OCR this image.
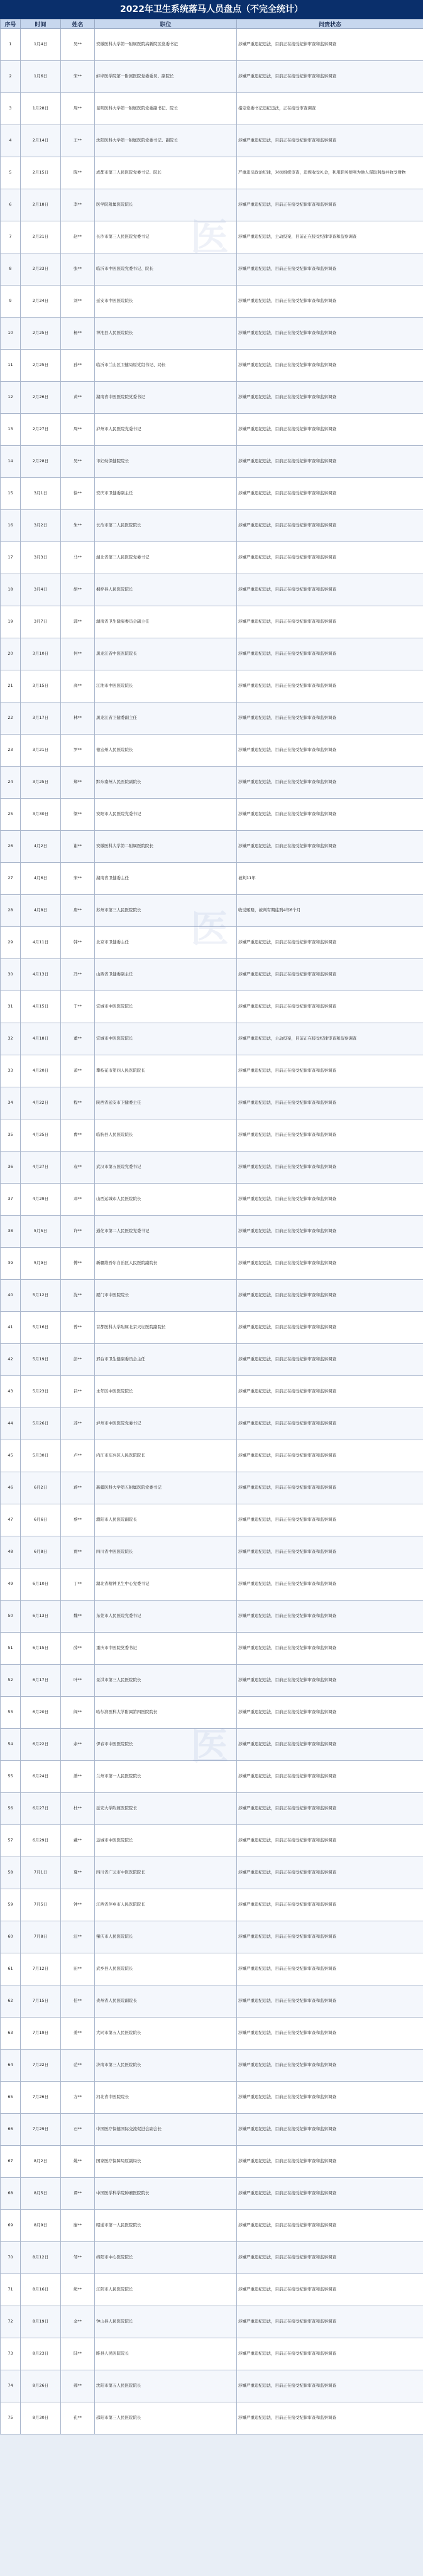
2022年卫生系统落马人员盘点（不完全统计）
序号	时间	姓名	职位	问责状态
1	1月4日	吴**	安徽医科大学第一附属医院高新院区党委书记	涉嫌严重违纪违法，目前正在接受纪律审查和监察调查
2	1月6日	宋**	蚌埠医学院第一附属医院党委委员、副院长	涉嫌严重违纪违法，目前正在接受纪律审查和监察调查
3	1月28日	周**	昆明医科大学第一附属医院党委副书记、院长	指定党委书记违纪违法，正在接受审查调查
4	2月14日	王**	沈阳医科大学第一附属医院党委书记、副院长	涉嫌严重违纪违法，目前正在接受纪律审查和监察调查
5	2月15日	陈**	成都市第三人民医院党委书记、院长	严重违反政治纪律，对抗组织审查，违规收受礼金，利用职务便利为他人谋取利益并收受财物
6	2月18日	李**	医学院附属医院院长	涉嫌严重违纪违法，目前正在接受纪律审查和监察调查
7	2月21日	赵**	长沙市第三人民医院党委书记	涉嫌严重违纪违法，主动投案，目前正在接受纪律审查和监察调查
8	2月23日	张**	临沂市中医医院党委书记、院长	涉嫌严重违纪违法，目前正在接受纪律审查和监察调查
9	2月24日	刘**	延安市中医医院院长	涉嫌严重违纪违法，目前正在接受纪律审查和监察调查
10	2月25日	杨**	神池县人民医院院长	涉嫌严重违纪违法，目前正在接受纪律审查和监察调查
11	2月25日	孙**	临沂市兰山区卫健局原党组书记、局长	涉嫌严重违纪违法，目前正在接受纪律审查和监察调查
12	2月26日	黄**	湖南省中医医院院党委书记	涉嫌严重违纪违法，目前正在接受纪律审查和监察调查
13	2月27日	周**	泸州市人民医院党委书记	涉嫌严重违纪违法，目前正在接受纪律审查和监察调查
14	2月28日	吴**	市妇幼保健院院长	涉嫌严重违纪违法，目前正在接受纪律审查和监察调查
15	3月1日	徐**	安庆市卫健委副主任	涉嫌严重违纪违法，目前正在接受纪律审查和监察调查
16	3月2日	朱**	长治市第二人民医院院长	涉嫌严重违纪违法，目前正在接受纪律审查和监察调查
17	3月3日	马**	湖北省第三人民医院党委书记	涉嫌严重违纪违法，目前正在接受纪律审查和监察调查
18	3月4日	胡**	桐梓县人民医院院长	涉嫌严重违纪违法，目前正在接受纪律审查和监察调查
19	3月7日	郭**	湖南省卫生健康委员会副主任	涉嫌严重违纪违法，目前正在接受纪律审查和监察调查
20	3月10日	何**	黑龙江省中医医院院长	涉嫌严重违纪违法，目前正在接受纪律审查和监察调查
21	3月15日	高**	江油市中医医院院长	涉嫌严重违纪违法，目前正在接受纪律审查和监察调查
22	3月17日	林**	黑龙江省卫健委副主任	涉嫌严重违纪违法，目前正在接受纪律审查和监察调查
23	3月21日	罗**	德宏州人民医院院长	涉嫌严重违纪违法，目前正在接受纪律审查和监察调查
24	3月25日	郑**	黔东南州人民医院副院长	涉嫌严重违纪违法，目前正在接受纪律审查和监察调查
25	3月30日	梁**	安阳市人民医院党委书记	涉嫌严重违纪违法，目前正在接受纪律审查和监察调查
26	4月2日	谢**	安徽医科大学第二附属医院院长	涉嫌严重违纪违法，目前正在接受纪律审查和监察调查
27	4月6日	宋**	湖南省卫健委主任	被判11年
28	4月8日	唐**	苏州市第三人民医院院长	收受贿赂，被判有期徒刑4年6个月
29	4月11日	韩**	北京市卫健委主任	涉嫌严重违纪违法，目前正在接受纪律审查和监察调查
30	4月13日	冯**	山西省卫健委副主任	涉嫌严重违纪违法，目前正在接受纪律审查和监察调查
31	4月15日	于**	宜城市中医医院院长	涉嫌严重违纪违法，目前正在接受纪律审查和监察调查
32	4月18日	董**	宜城市中医医院院长	涉嫌严重违纪违法，主动投案，目前正在接受纪律审查和监察调查
33	4月20日	萧**	攀枝花市第四人民医院院长	涉嫌严重违纪违法，目前正在接受纪律审查和监察调查
34	4月22日	程**	陕西省延安市卫健委主任	涉嫌严重违纪违法，目前正在接受纪律审查和监察调查
35	4月25日	曹**	临朐县人民医院院长	涉嫌严重违纪违法，目前正在接受纪律审查和监察调查
36	4月27日	袁**	武汉市第五医院党委书记	涉嫌严重违纪违法，目前正在接受纪律审查和监察调查
37	4月29日	邓**	山西运城市人民医院院长	涉嫌严重违纪违法，目前正在接受纪律审查和监察调查
38	5月5日	许**	通化市第二人民医院党委书记	涉嫌严重违纪违法，目前正在接受纪律审查和监察调查
39	5月9日	傅**	新疆维吾尔自治区人民医院副院长	涉嫌严重违纪违法，目前正在接受纪律审查和监察调查
40	5月12日	沈**	厦门市中医院院长	涉嫌严重违纪违法，目前正在接受纪律审查和监察调查
41	5月16日	曾**	首都医科大学附属北京天坛医院副院长	涉嫌严重违纪违法，目前正在接受纪律审查和监察调查
42	5月19日	彭**	邢台市卫生健康委员会主任	涉嫌严重违纪违法，目前正在接受纪律审查和监察调查
43	5月23日	吕**	永年区中医医院院长	涉嫌严重违纪违法，目前正在接受纪律审查和监察调查
44	5月26日	苏**	泸州市中医医院党委书记	涉嫌严重违纪违法，目前正在接受纪律审查和监察调查
45	5月30日	卢**	内江市东兴区人民医院院长	涉嫌严重违纪违法，目前正在接受纪律审查和监察调查
46	6月2日	蒋**	新疆医科大学第五附属医院党委书记	涉嫌严重违纪违法，目前正在接受纪律审查和监察调查
47	6月6日	蔡**	濮阳市人民医院副院长	涉嫌严重违纪违法，目前正在接受纪律审查和监察调查
48	6月8日	贾**	四川省中医医院院长	涉嫌严重违纪违法，目前正在接受纪律审查和监察调查
49	6月10日	丁**	湖北省精神卫生中心党委书记	涉嫌严重违纪违法，目前正在接受纪律审查和监察调查
50	6月13日	魏**	东莞市人民医院党委书记	涉嫌严重违纪违法，目前正在接受纪律审查和监察调查
51	6月15日	薛**	重庆市中医院党委书记	涉嫌严重违纪违法，目前正在接受纪律审查和监察调查
52	6月17日	叶**	景洪市第三人民医院院长	涉嫌严重违纪违法，目前正在接受纪律审查和监察调查
53	6月20日	阎**	哈尔滨医科大学附属第四医院院长	涉嫌严重违纪违法，目前正在接受纪律审查和监察调查
54	6月22日	余**	伊春市中医医院院长	涉嫌严重违纪违法，目前正在接受纪律审查和监察调查
55	6月24日	潘**	兰州市第一人民医院院长	涉嫌严重违纪违法，目前正在接受纪律审查和监察调查
56	6月27日	杜**	延安大学附属医院院长	涉嫌严重违纪违法，目前正在接受纪律审查和监察调查
57	6月29日	戴**	运城市中医医院院长	涉嫌严重违纪违法，目前正在接受纪律审查和监察调查
58	7月1日	夏**	四川省广元市中医医院院长	涉嫌严重违纪违法，目前正在接受纪律审查和监察调查
59	7月5日	钟**	江西省萍乡市人民医院院长	涉嫌严重违纪违法，目前正在接受纪律审查和监察调查
60	7月8日	汪**	肇庆市人民医院院长	涉嫌严重违纪违法，目前正在接受纪律审查和监察调查
61	7月12日	田**	武乡县人民医院院长	涉嫌严重违纪违法，目前正在接受纪律审查和监察调查
62	7月15日	任**	贵州省人民医院副院长	涉嫌严重违纪违法，目前正在接受纪律审查和监察调查
63	7月19日	姜**	大同市第五人民医院院长	涉嫌严重违纪违法，目前正在接受纪律审查和监察调查
64	7月22日	范**	济南市第三人民医院院长	涉嫌严重违纪违法，目前正在接受纪律审查和监察调查
65	7月26日	方**	河北省中医院院长	涉嫌严重违纪违法，目前正在接受纪律审查和监察调查
66	7月29日	石**	中国医疗保健国际交流促进会副会长	涉嫌严重违纪违法，目前正在接受纪律审查和监察调查
67	8月2日	姚**	国家医疗保障局原副局长	涉嫌严重违纪违法，目前正在接受纪律审查和监察调查
68	8月5日	谭**	中国医学科学院肿瘤医院院长	涉嫌严重违纪违法，目前正在接受纪律审查和监察调查
69	8月9日	廖**	昭通市第一人民医院院长	涉嫌严重违纪违法，目前正在接受纪律审查和监察调查
70	8月12日	邹**	绵阳市中心医院院长	涉嫌严重违纪违法，目前正在接受纪律审查和监察调查
71	8月16日	熊**	江阴市人民医院院长	涉嫌严重违纪违法，目前正在接受纪律审查和监察调查
72	8月19日	金**	钟山县人民医院院长	涉嫌严重违纪违法，目前正在接受纪律审查和监察调查
73	8月23日	陆**	睢县人民医院院长	涉嫌严重违纪违法，目前正在接受纪律审查和监察调查
74	8月26日	郝**	沈阳市第五人民医院院长	涉嫌严重违纪违法，目前正在接受纪律审查和监察调查
75	8月30日	孔**	邵阳市第三人民医院院长	涉嫌严重违纪违法，目前正在接受纪律审查和监察调查
